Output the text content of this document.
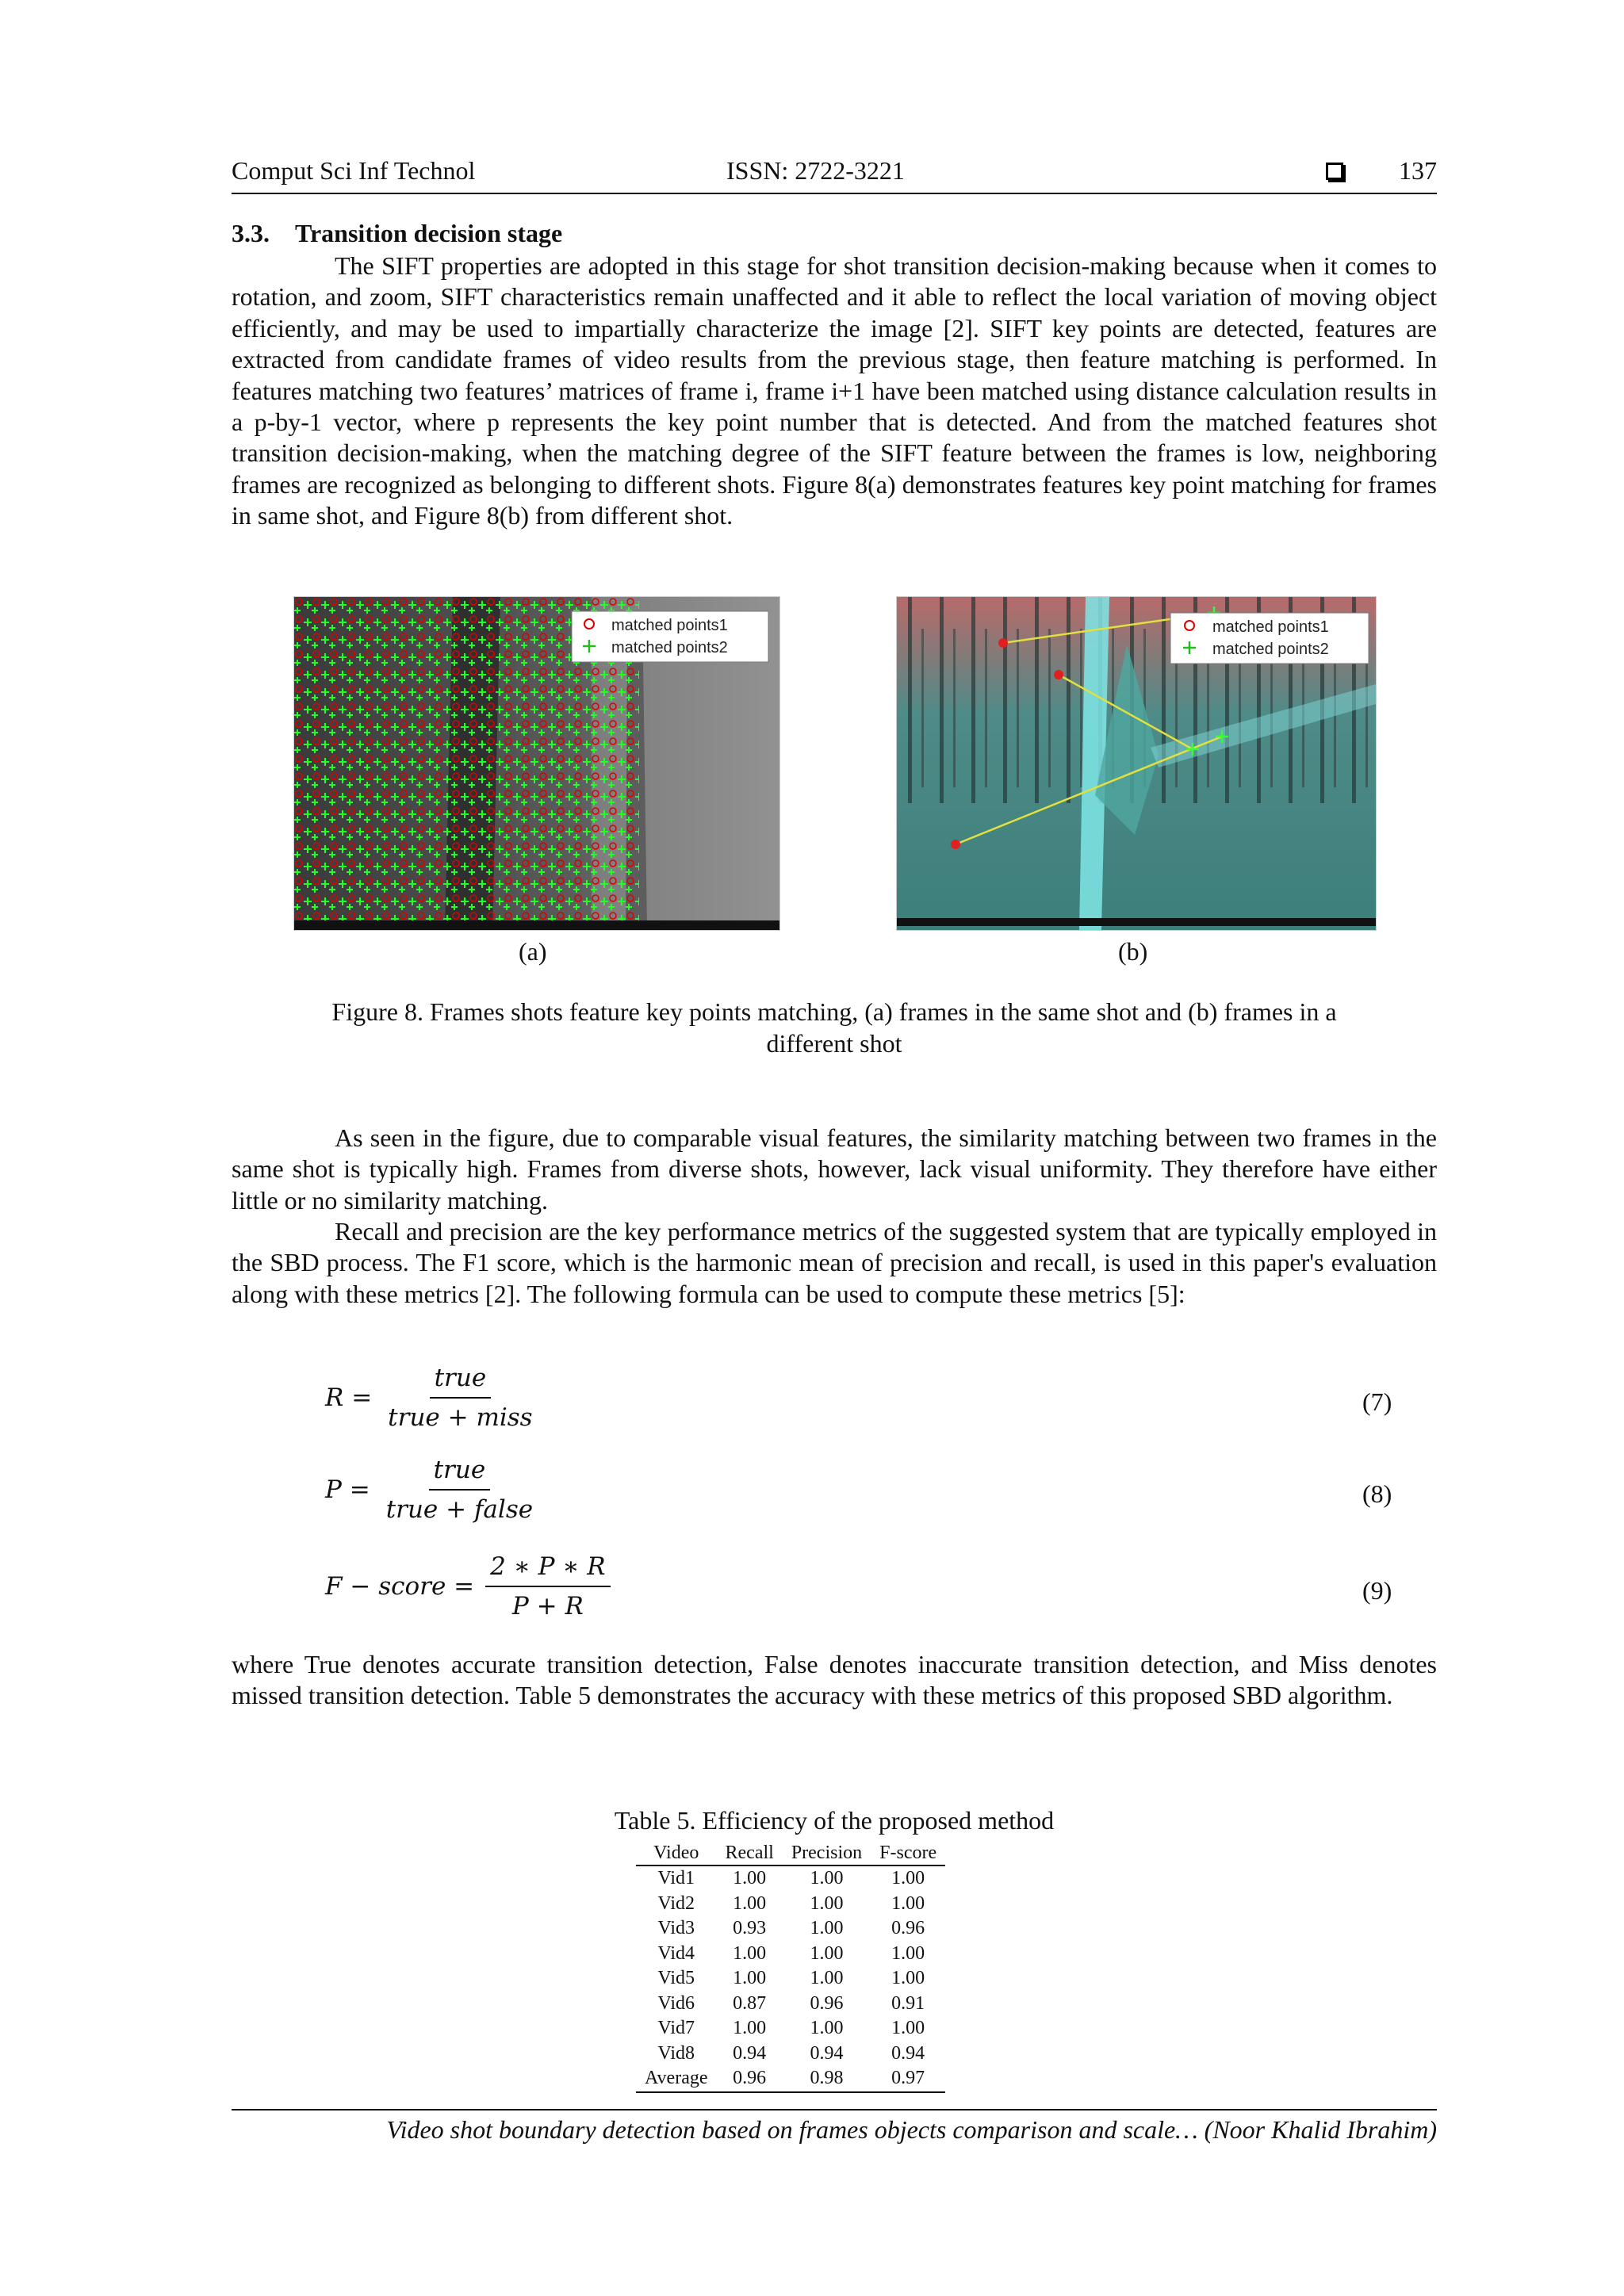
Comput Sci Inf Technol	ISSN: 2722-3221	137
3.3. Transition decision stage

The SIFT properties are adopted in this stage for shot transition decision-making because when it comes to rotation, and zoom, SIFT characteristics remain unaffected and it able to reflect the local variation of moving object efficiently, and may be used to impartially characterize the image [2]. SIFT key points are detected, features are extracted from candidate frames of video results from the previous stage, then feature matching is performed. In features matching two features’ matrices of frame i, frame i+1 have been matched using distance calculation results in a p-by-1 vector, where p represents the key point number that is detected. And from the matched features shot transition decision-making, when the matching degree of the SIFT feature between the frames is low, neighboring frames are recognized as belonging to different shots. Figure 8(a) demonstrates features key point matching for frames in same shot, and Figure 8(b) from different shot.

matched points1
matched points2
matched points1
matched points2
(a)	(b)
Figure 8. Frames shots feature key points matching, (a) frames in the same shot and (b) frames in a
different shot

As seen in the figure, due to comparable visual features, the similarity matching between two frames in the same shot is typically high. Frames from diverse shots, however, lack visual uniformity. They therefore have either little or no similarity matching.

Recall and precision are the key performance metrics of the suggested system that are typically employed in the SBD process. The F1 score, which is the harmonic mean of precision and recall, is used in this paper's evaluation along with these metrics [2]. The following formula can be used to compute these metrics [5]:

$R = \frac{\text{true}}{\text{true + miss}}$	(7)
$P = \frac{\text{true}}{\text{true + false}}$	(8)
F − score = $\frac{2 ∗ P ∗ R}{P + R}$	(9)

where True denotes accurate transition detection, False denotes inaccurate transition detection, and Miss denotes missed transition detection. Table 5 demonstrates the accuracy with these metrics of this proposed SBD algorithm.

Table 5. Efficiency of the proposed method
Video	Recall	Precision	F-score
Vid1	1.00	1.00	1.00
Vid2	1.00	1.00	1.00
Vid3	0.93	1.00	0.96
Vid4	1.00	1.00	1.00
Vid5	1.00	1.00	1.00
Vid6	0.87	0.96	0.91
Vid7	1.00	1.00	1.00
Vid8	0.94	0.94	0.94
Average	0.96	0.98	0.97
Video shot boundary detection based on frames objects comparison and scale… (Noor Khalid Ibrahim)
